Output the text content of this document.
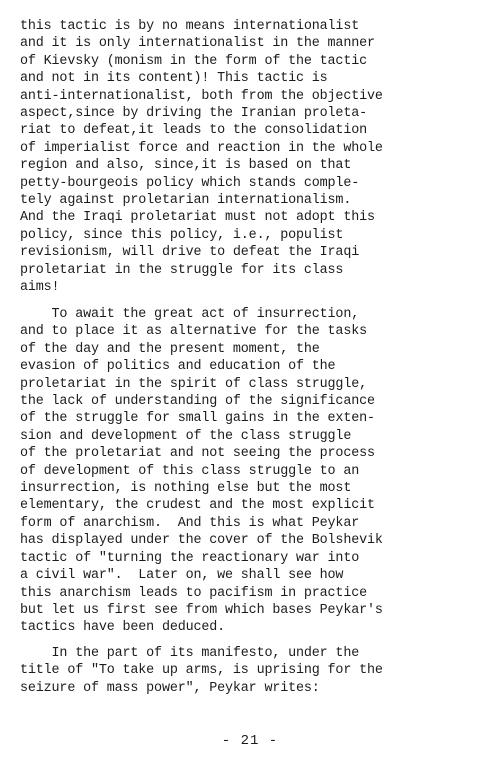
this tactic is by no means internationalist
and it is only internationalist in the manner
of Kievsky (monism in the form of the tactic
and not in its content)! This tactic is
anti-internationalist, both from the objective
aspect,since by driving the Iranian proleta-
riat to defeat,it leads to the consolidation
of imperialist force and reaction in the whole
region and also, since,it is based on that
petty-bourgeois policy which stands comple-
tely against proletarian internationalism.
And the Iraqi proletariat must not adopt this
policy, since this policy, i.e., populist
revisionism, will drive to defeat the Iraqi
proletariat in the struggle for its class
aims!

To await the great act of insurrection,
and to place it as alternative for the tasks
of the day and the present moment, the
evasion of politics and education of the
proletariat in the spirit of class struggle,
the lack of understanding of the significance
of the struggle for small gains in the exten-
sion and development of the class struggle
of the proletariat and not seeing the process
of development of this class struggle to an
insurrection, is nothing else but the most
elementary, the crudest and the most explicit
form of anarchism.  And this is what Peykar
has displayed under the cover of the Bolshevik
tactic of "turning the reactionary war into
a civil war".  Later on, we shall see how
this anarchism leads to pacifism in practice
but let us first see from which bases Peykar's
tactics have been deduced.

In the part of its manifesto, under the
title of "To take up arms, is uprising for the
seizure of mass power", Peykar writes:

- 21 -
